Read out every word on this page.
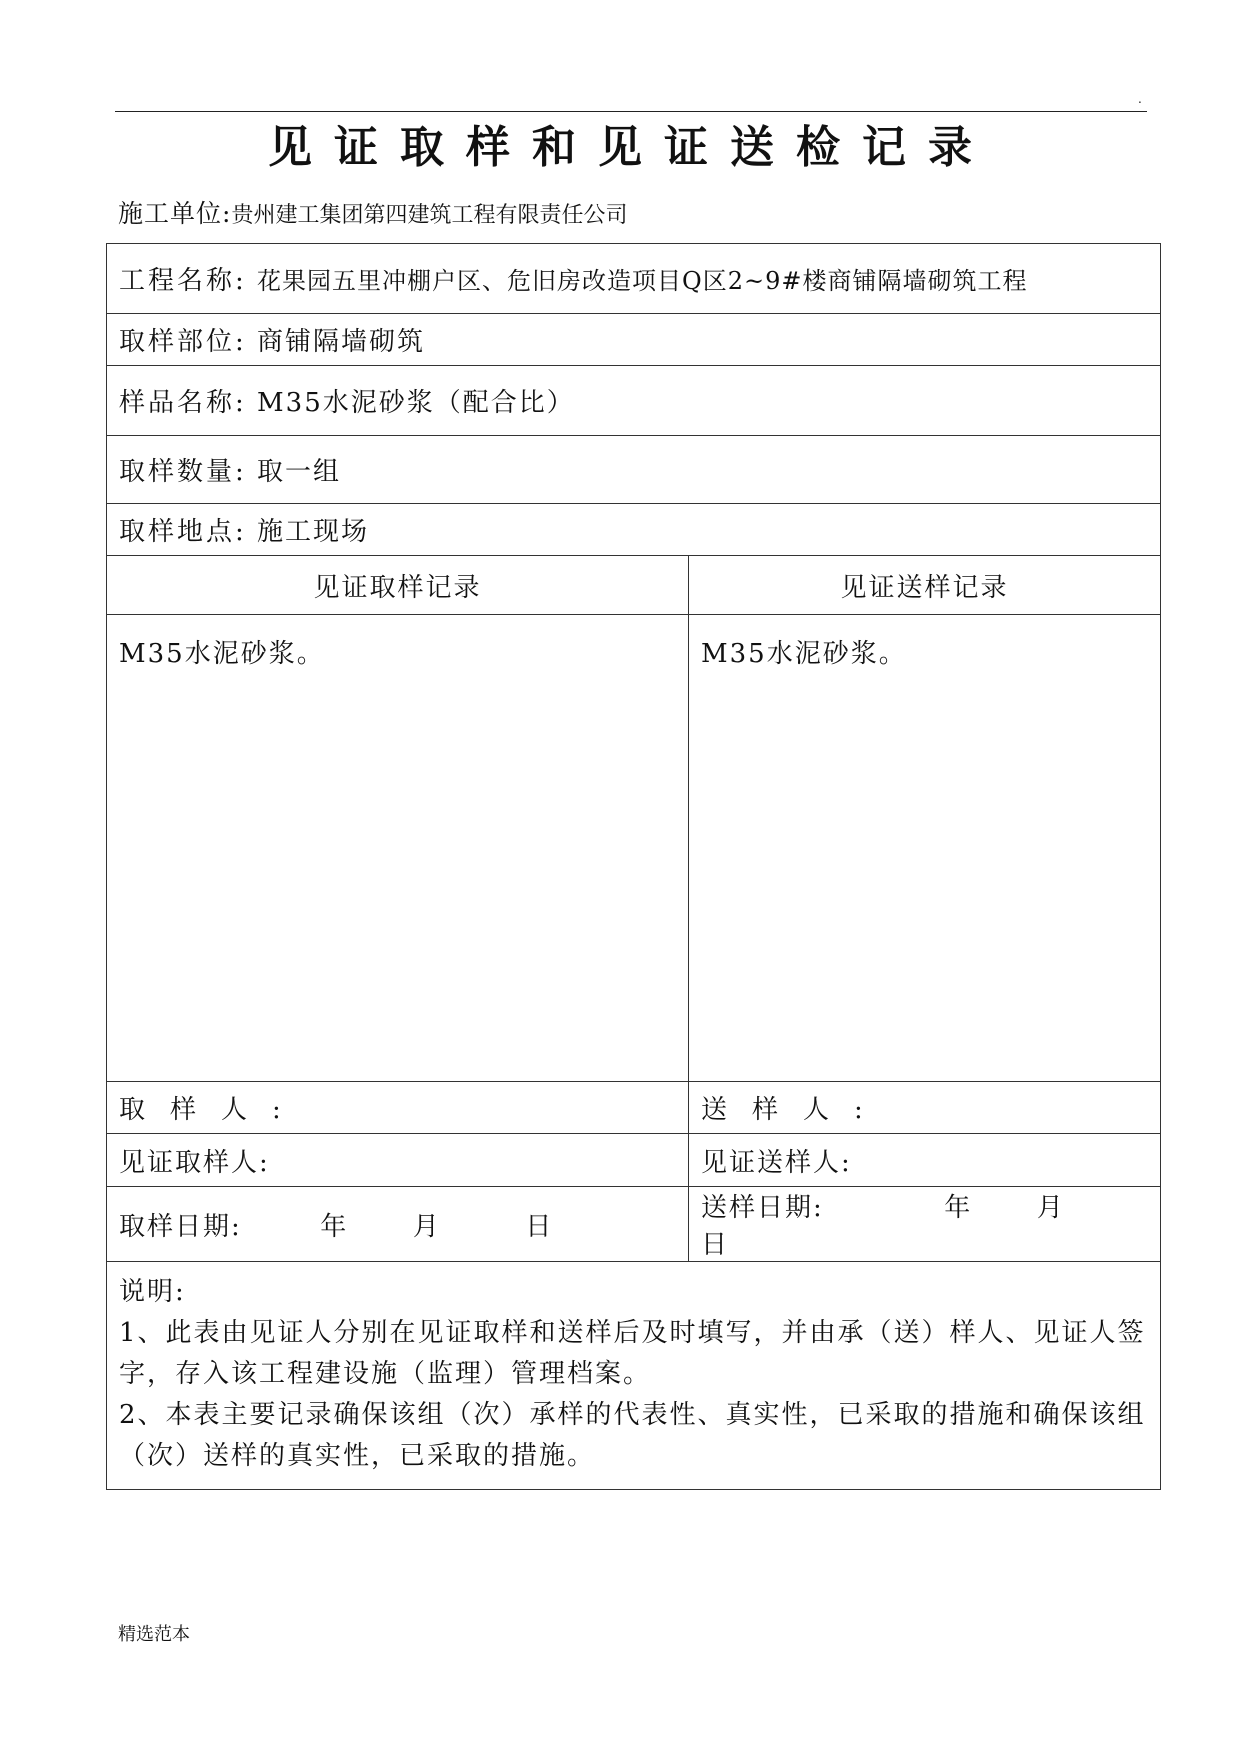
.
见证取样和见证送检记录
施工单位:贵州建工集团第四建筑工程有限责任公司
工程名称: 花果园五里冲棚户区、危旧房改造项目Q区2~9#楼商铺隔墙砌筑工程	
取样部位: 商铺隔墙砌筑	
样品名称: M35水泥砂浆（配合比）	
取样数量: 取一组	
取样地点: 施工现场	
见证取样记录	见证送样记录
M35水泥砂浆。	M35水泥砂浆。
取样人:	送样人:
见证取样人:	见证送样人:
取样日期: 年 月 日	送样日期: 年 月  日

说明:

1、此表由见证人分别在见证取样和送样后及时填写，并由承（送）样人、见证人签字，存入该工程建设施（监理）管理档案。

2、本表主要记录确保该组（次）承样的代表性、真实性，已采取的措施和确保该组（次）送样的真实性，已采取的措施。	

精选范本
